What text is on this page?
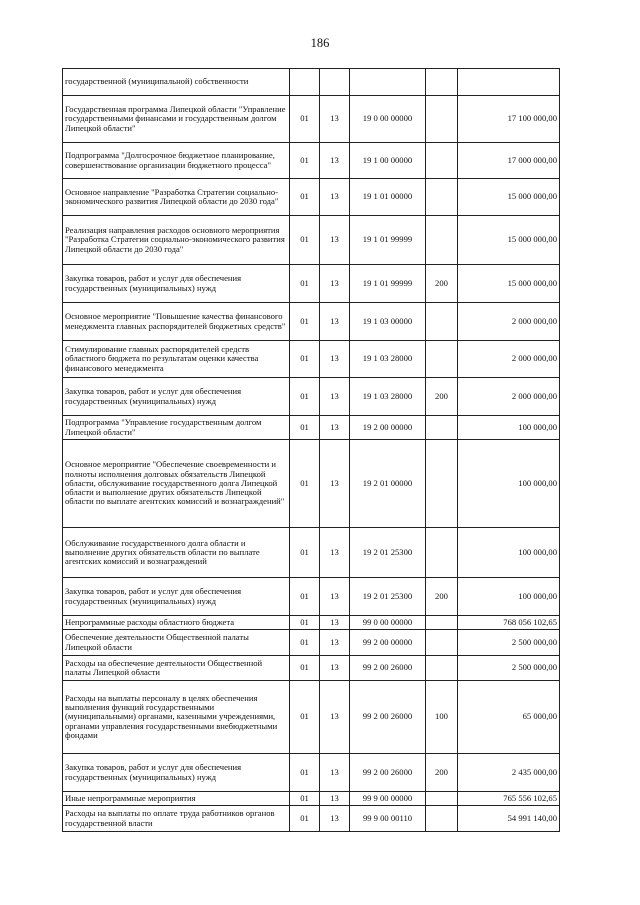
186
государственной (муниципальной) собственности					
Государственная программа Липецкой области "Управление государственными финансами и государственным долгом Липецкой области"	01	13	19 0 00 00000		17 100 000,00
Подпрограмма "Долгосрочное бюджетное планирование, совершенствование организации бюджетного процесса"	01	13	19 1 00 00000		17 000 000,00
Основное направление "Разработка Стратегии социально-экономического развития Липецкой области до 2030 года"	01	13	19 1 01 00000		15 000 000,00
Реализация направления расходов основного мероприятия "Разработка Стратегии социально-экономического развития Липецкой области до 2030 года"	01	13	19 1 01 99999		15 000 000,00
Закупка товаров, работ и услуг для обеспечения государственных (муниципальных) нужд	01	13	19 1 01 99999	200	15 000 000,00
Основное мероприятие "Повышение качества финансового менеджмента главных распорядителей бюджетных средств"	01	13	19 1 03 00000		2 000 000,00
Стимулирование главных распорядителей средств областного бюджета по результатам оценки качества финансового менеджмента	01	13	19 1 03 28000		2 000 000,00
Закупка товаров, работ и услуг для обеспечения государственных (муниципальных) нужд	01	13	19 1 03 28000	200	2 000 000,00
Подпрограмма "Управление государственным долгом Липецкой области"	01	13	19 2 00 00000		100 000,00
Основное мероприятие "Обеспечение своевременности и полноты исполнения долговых обязательств Липецкой области, обслуживание государственного долга Липецкой области и выполнение других обязательств Липецкой области по выплате агентских комиссий и вознаграждений"	01	13	19 2 01 00000		100 000,00
Обслуживание государственного долга области и выполнение других обязательств области по выплате агентских комиссий и вознаграждений	01	13	19 2 01 25300		100 000,00
Закупка товаров, работ и услуг для обеспечения государственных (муниципальных) нужд	01	13	19 2 01 25300	200	100 000,00
Непрограммные расходы областного бюджета	01	13	99 0 00 00000		768 056 102,65
Обеспечение деятельности Общественной палаты Липецкой области	01	13	99 2 00 00000		2 500 000,00
Расходы на обеспечение деятельности Общественной палаты Липецкой области	01	13	99 2 00 26000		2 500 000,00
Расходы на выплаты персоналу в целях обеспечения выполнения функций государственными (муниципальными) органами, казенными учреждениями, органами управления государственными внебюджетными фондами	01	13	99 2 00 26000	100	65 000,00
Закупка товаров, работ и услуг для обеспечения государственных (муниципальных) нужд	01	13	99 2 00 26000	200	2 435 000,00
Иные непрограммные мероприятия	01	13	99 9 00 00000		765 556 102,65
Расходы на выплаты по оплате труда работников органов государственной власти	01	13	99 9 00 00110		54 991 140,00
